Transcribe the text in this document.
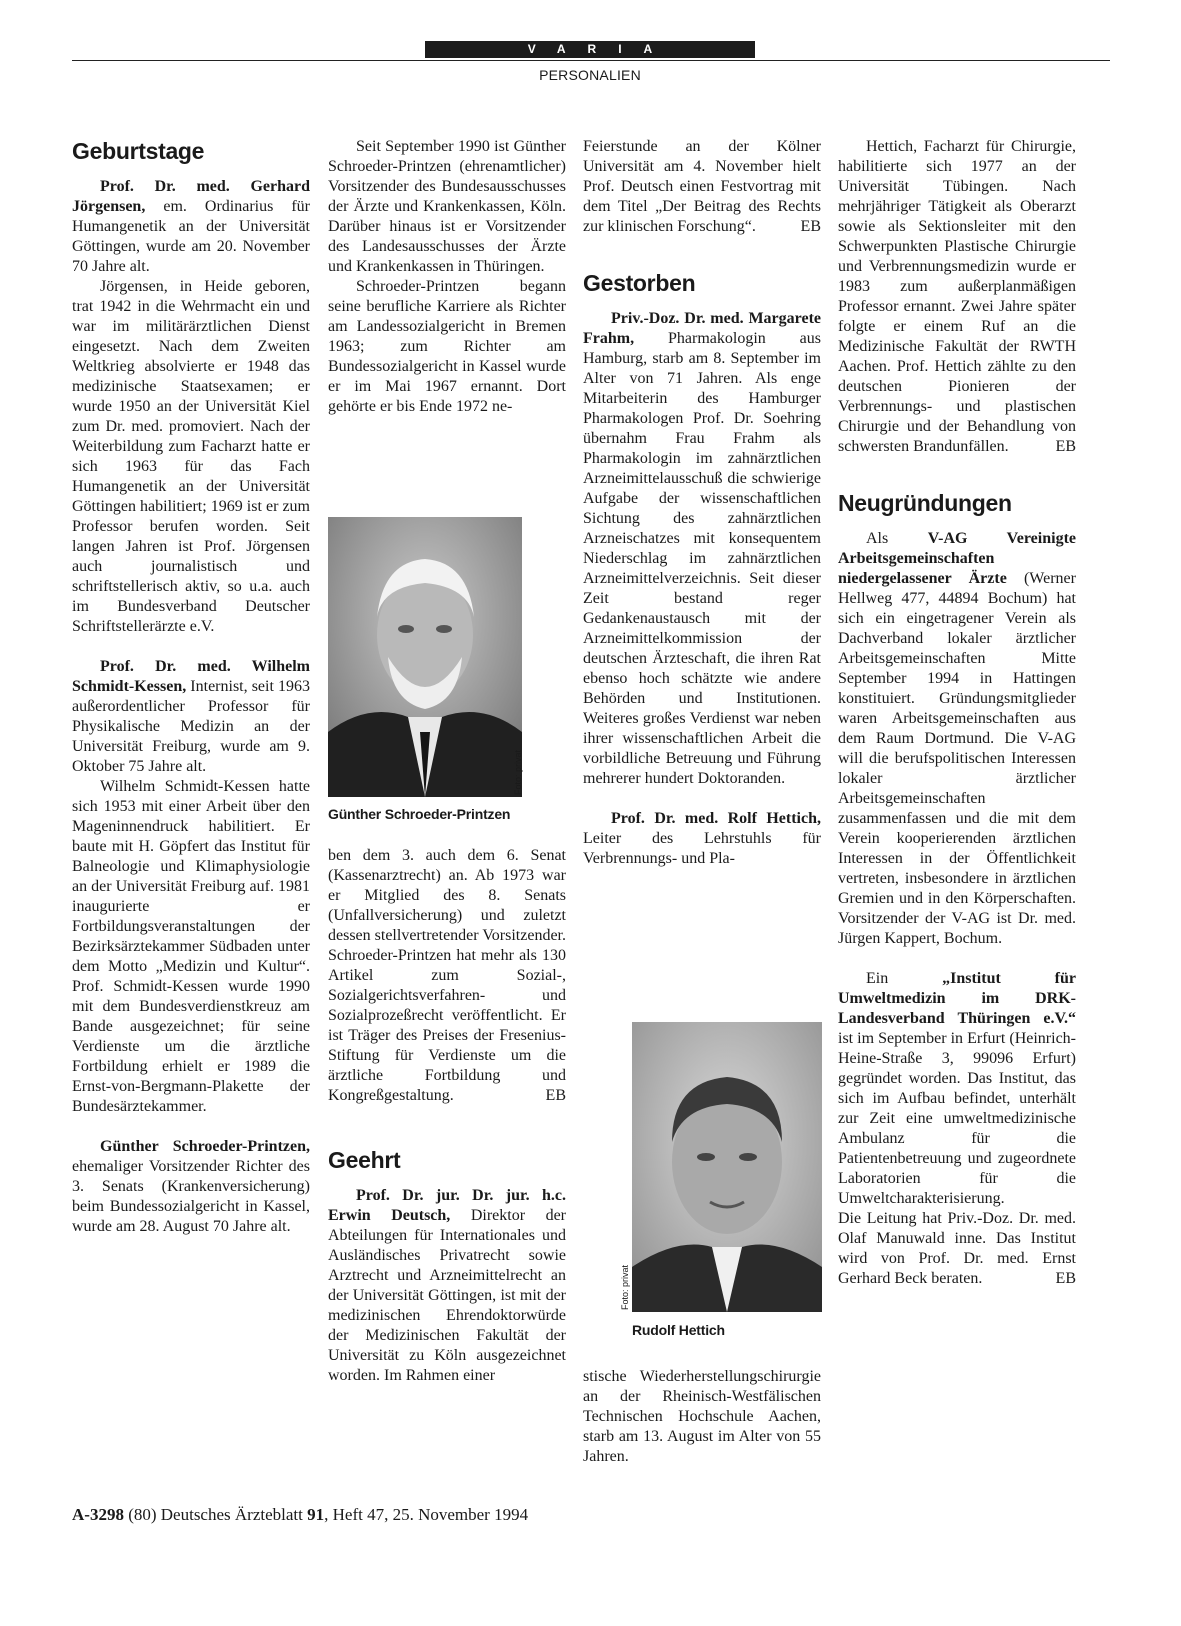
VARIA
PERSONALIEN
Geburtstage

Prof. Dr. med. Gerhard Jörgensen, em. Ordinarius für Humangenetik an der Universität Göttingen, wurde am 20. November 70 Jahre alt.

Jörgensen, in Heide geboren, trat 1942 in die Wehrmacht ein und war im militärärztlichen Dienst eingesetzt. Nach dem Zweiten Weltkrieg absolvierte er 1948 das medizinische Staatsexamen; er wurde 1950 an der Universität Kiel zum Dr. med. promoviert. Nach der Weiterbildung zum Facharzt hatte er sich 1963 für das Fach Humangenetik an der Universität Göttingen habilitiert; 1969 ist er zum Professor berufen worden. Seit langen Jahren ist Prof. Jörgensen auch journalistisch und schriftstellerisch aktiv, so u.a. auch im Bundesverband Deutscher Schriftstellerärzte e.V.

Prof. Dr. med. Wilhelm Schmidt-Kessen, Internist, seit 1963 außerordentlicher Professor für Physikalische Medizin an der Universität Freiburg, wurde am 9. Oktober 75 Jahre alt.

Wilhelm Schmidt-Kessen hatte sich 1953 mit einer Arbeit über den Mageninnendruck habilitiert. Er baute mit H. Göpfert das Institut für Balneologie und Klimaphysiologie an der Universität Freiburg auf. 1981 inaugurierte er Fortbildungsveranstaltungen der Bezirksärztekammer Südbaden unter dem Motto „Medizin und Kultur“. Prof. Schmidt-Kessen wurde 1990 mit dem Bundesverdienstkreuz am Bande ausgezeichnet; für seine Verdienste um die ärztliche Fortbildung erhielt er 1989 die Ernst-von-Bergmann-Plakette der Bundesärztekammer.

Günther Schroeder-Printzen, ehemaliger Vorsitzender Richter des 3. Senats (Krankenversicherung) beim Bundessozialgericht in Kassel, wurde am 28. August 70 Jahre alt.

Seit September 1990 ist Günther Schroeder-Printzen (ehrenamtlicher) Vorsitzender des Bundesausschusses der Ärzte und Krankenkassen, Köln. Darüber hinaus ist er Vorsitzender des Landesausschusses der Ärzte und Krankenkassen in Thüringen.

Schroeder-Printzen begann seine berufliche Karriere als Richter am Landessozialgericht in Bremen 1963; zum Richter am Bundessozialgericht in Kassel wurde er im Mai 1967 ernannt. Dort gehörte er bis Ende 1972 ne-

Foto: privat
Günther Schroeder-Printzen

ben dem 3. auch dem 6. Senat (Kassenarztrecht) an. Ab 1973 war er Mitglied des 8. Senats (Unfallversicherung) und zuletzt dessen stellvertretender Vorsitzender. Schroeder-Printzen hat mehr als 130 Artikel zum Sozial-, Sozialgerichtsverfahren- und Sozialprozeßrecht veröffentlicht. Er ist Träger des Preises der Fresenius-Stiftung für Verdienste um die ärztliche Fortbildung und Kongreßgestaltung.	EB

Geehrt

Prof. Dr. jur. Dr. jur. h.c. Erwin Deutsch, Direktor der Abteilungen für Internationales und Ausländisches Privatrecht sowie Arztrecht und Arzneimittelrecht an der Universität Göttingen, ist mit der medizinischen Ehrendoktorwürde der Medizinischen Fakultät der Universität zu Köln ausgezeichnet worden. Im Rahmen einer

Feierstunde an der Kölner Universität am 4. November hielt Prof. Deutsch einen Festvortrag mit dem Titel „Der Beitrag des Rechts zur klinischen Forschung“.	EB

Gestorben

Priv.-Doz. Dr. med. Margarete Frahm, Pharmakologin aus Hamburg, starb am 8. September im Alter von 71 Jahren. Als enge Mitarbeiterin des Hamburger Pharmakologen Prof. Dr. Soehring übernahm Frau Frahm als Pharmakologin im zahnärztlichen Arzneimittelausschuß die schwierige Aufgabe der wissenschaftlichen Sichtung des zahnärztlichen Arzneischatzes mit konsequentem Niederschlag im zahnärztlichen Arzneimittelverzeichnis. Seit dieser Zeit bestand reger Gedankenaustausch mit der Arzneimittelkommission der deutschen Ärzteschaft, die ihren Rat ebenso hoch schätzte wie andere Behörden und Institutionen. Weiteres großes Verdienst war neben ihrer wissenschaftlichen Arbeit die vorbildliche Betreuung und Führung mehrerer hundert Doktoranden.

Prof. Dr. med. Rolf Hettich, Leiter des Lehrstuhls für Verbrennungs- und Pla-

Foto: privat
Rudolf Hettich

stische Wiederherstellungschirurgie an der Rheinisch-Westfälischen Technischen Hochschule Aachen, starb am 13. August im Alter von 55 Jahren.

Hettich, Facharzt für Chirurgie, habilitierte sich 1977 an der Universität Tübingen. Nach mehrjähriger Tätigkeit als Oberarzt sowie als Sektionsleiter mit den Schwerpunkten Plastische Chirurgie und Verbrennungsmedizin wurde er 1983 zum außerplanmäßigen Professor ernannt. Zwei Jahre später folgte er einem Ruf an die Medizinische Fakultät der RWTH Aachen. Prof. Hettich zählte zu den deutschen Pionieren der Verbrennungs- und plastischen Chirurgie und der Behandlung von schwersten Brandunfällen.	EB

Neugründungen

Als V-AG Vereinigte Arbeitsgemeinschaften niedergelassener Ärzte (Werner Hellweg 477, 44894 Bochum) hat sich ein eingetragener Verein als Dachverband lokaler ärztlicher Arbeitsgemeinschaften Mitte September 1994 in Hattingen konstituiert. Gründungsmitglieder waren Arbeitsgemeinschaften aus dem Raum Dortmund. Die V-AG will die berufspolitischen Interessen lokaler ärztlicher Arbeitsgemeinschaften zusammenfassen und die mit dem Verein kooperierenden ärztlichen Interessen in der Öffentlichkeit vertreten, insbesondere in ärztlichen Gremien und in den Körperschaften. Vorsitzender der V-AG ist Dr. med. Jürgen Kappert, Bochum.

Ein „Institut für Umweltmedizin im DRK-Landesverband Thüringen e.V.“ ist im September in Erfurt (Heinrich-Heine-Straße 3, 99096 Erfurt) gegründet worden. Das Institut, das sich im Aufbau befindet, unterhält zur Zeit eine umweltmedizinische Ambulanz für die Patientenbetreuung und zugeordnete Laboratorien für die Umweltcharakterisierung.

Die Leitung hat Priv.-Doz. Dr. med. Olaf Manuwald inne. Das Institut wird von Prof. Dr. med. Ernst Gerhard Beck beraten.	EB

A-3298 (80) Deutsches Ärzteblatt 91, Heft 47, 25. November 1994
